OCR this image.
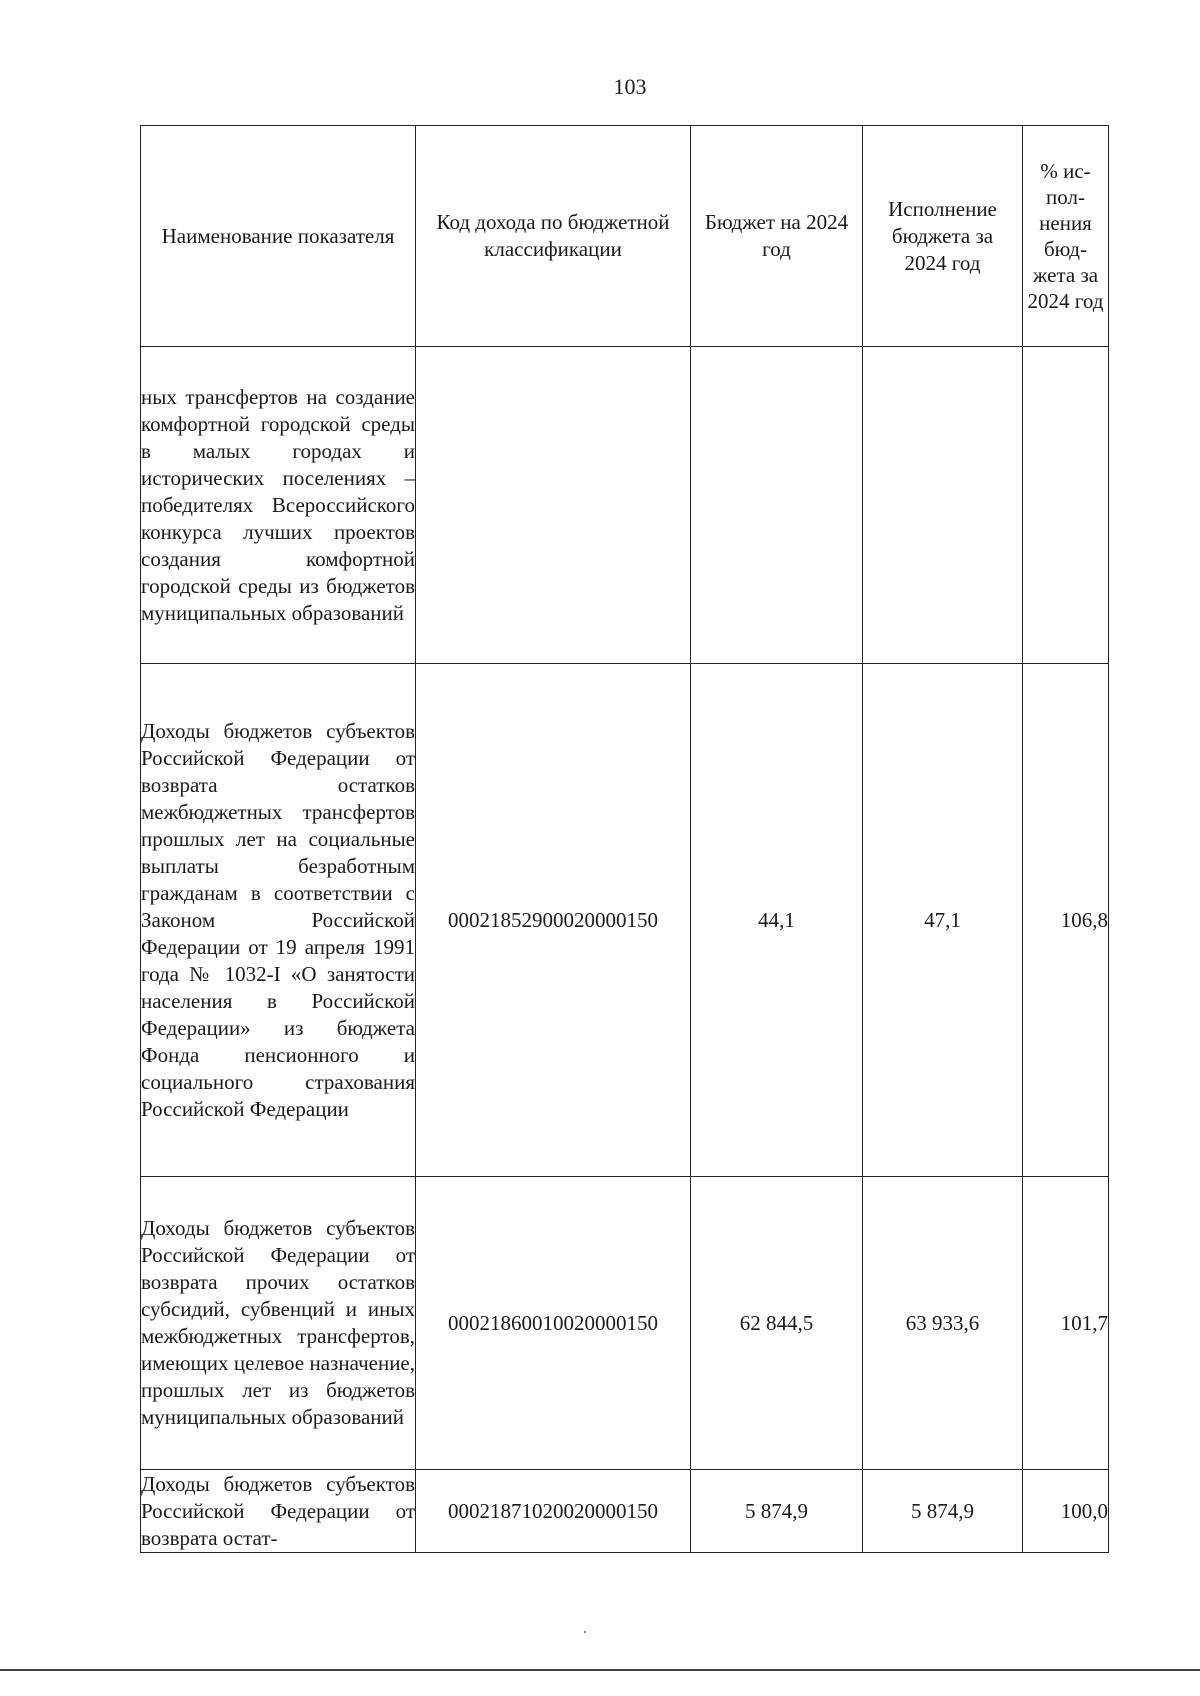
103
Наименование показателя	Код дохода по бюджетной классификации	Бюджет на 2024 год	Исполнение бюджета за 2024 год	% ис-пол-нения бюд-жета за 2024 год

ных трансфертов на создание комфортной городской среды в малых городах и исторических поселениях – победителях Всероссийского конкурса лучших проектов создания комфортной городской среды из бюджетов муниципальных образований				

Доходы бюджетов субъектов Российской Федерации от возврата остатков межбюджетных трансфертов прошлых лет на социальные выплаты безработным гражданам в соответствии с Законом Российской Федерации от 19 апреля 1991 года № 1032-I «О занятости населения в Российской Федерации» из бюджета Фонда пенсионного и социального страхования Российской Федерации	00021852900020000150	44,1	47,1	106,8

Доходы бюджетов субъектов Российской Федерации от возврата прочих остатков субсидий, субвенций и иных межбюджетных трансфертов, имеющих целевое назначение, прошлых лет из бюджетов муниципальных образований	00021860010020000150	62 844,5	63 933,6	101,7

Доходы бюджетов субъектов Российской Федерации от возврата остат-	00021871020020000150	5 874,9	5 874,9	100,0
